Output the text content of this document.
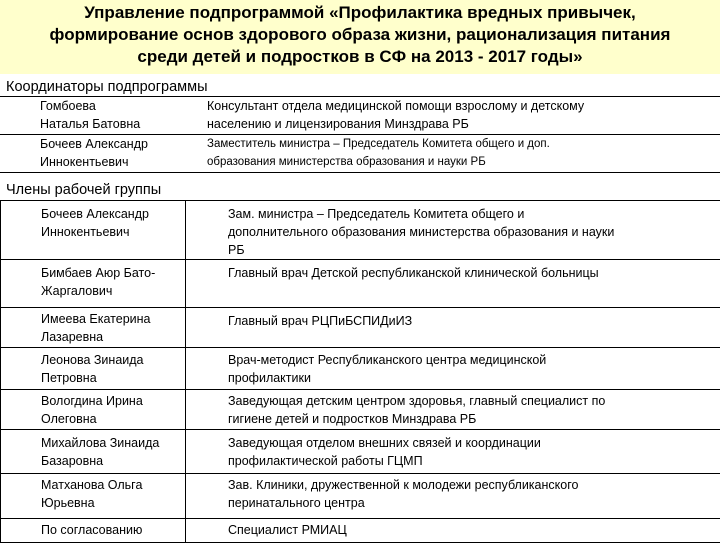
Управление подпрограммой «Профилактика вредных привычек,
формирование основ здорового образа жизни, рационализация питания
среди детей и подростков в СФ на 2013 - 2017 годы»
Координаторы подпрограммы
Гомбоева
Наталья Батовна	Консультант отдела медицинской помощи взрослому и детскому
населению и лицензирования Минздрава РБ

Бочеев Александр
Иннокентьевич	Заместитель министра – Председатель Комитета общего и доп.
образования министерства образования и науки РБ
Члены рабочей группы
Бочеев Александр
Иннокентьевич	Зам. министра – Председатель Комитета общего и
дополнительного образования министерства образования и науки
РБ

Бимбаев Аюр Бато-
Жаргалович	Главный врач Детской республиканской клинической больницы

Имеева Екатерина
Лазаревна	Главный врач РЦПиБСПИДиИЗ

Леонова Зинаида
Петровна	Врач-методист Республиканского центра медицинской
профилактики

Вологдина Ирина
Олеговна	Заведующая детским центром здоровья, главный специалист по
гигиене детей и подростков Минздрава РБ

Михайлова Зинаида
Базаровна	Заведующая отделом внешних связей и координации
профилактической работы ГЦМП

Матханова Ольга
Юрьевна	Зав. Клиники, дружественной к молодежи республиканского
перинатального центра

По согласованию	Специалист РМИАЦ
